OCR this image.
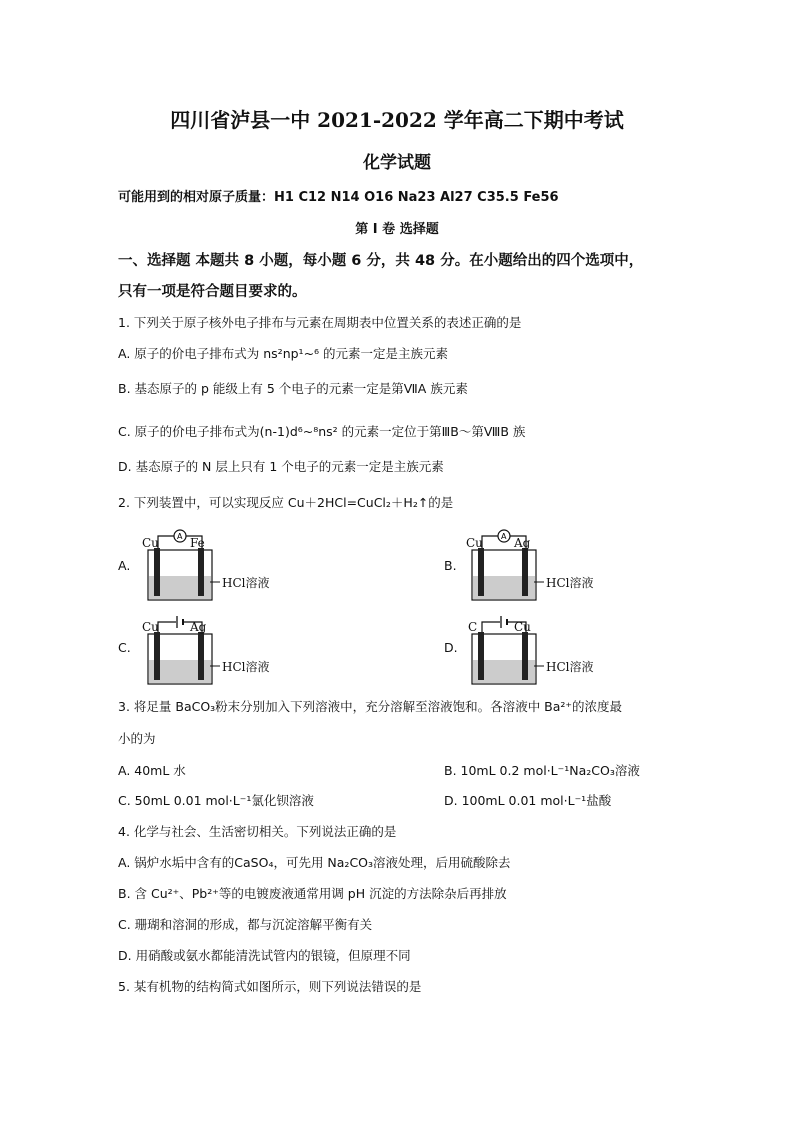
四川省泸县一中 2021-2022 学年高二下期中考试
化学试题
可能用到的相对原子质量：H1 C12 N14 O16 Na23 Al27 C35.5 Fe56
第 I 卷 选择题
一、选择题 本题共 8 小题，每小题 6 分，共 48 分。在小题给出的四个选项中，
只有一项是符合题目要求的。
1. 下列关于原子核外电子排布与元素在周期表中位置关系的表述正确的是
A. 原子的价电子排布式为 ns²np¹~⁶ 的元素一定是主族元素
B. 基态原子的 p 能级上有 5 个电子的元素一定是第ⅦA 族元素
C. 原子的价电子排布式为(n-1)d⁶~⁸ns² 的元素一定位于第ⅢB～第ⅧB 族
D. 基态原子的 N 层上只有 1 个电子的元素一定是主族元素
2. 下列装置中，可以实现反应 Cu＋2HCl=CuCl₂＋H₂↑的是
A.
A
Cu	Fe
HCl溶液
B.
A
Cu	Ag
HCl溶液
C.
Cu	Ag
HCl溶液
D.
C	Cu
HCl溶液
3. 将足量 BaCO₃粉末分别加入下列溶液中，充分溶解至溶液饱和。各溶液中 Ba²⁺的浓度最
小的为
A. 40mL 水	B. 10mL 0.2 mol·L⁻¹Na₂CO₃溶液
C. 50mL 0.01 mol·L⁻¹氯化钡溶液	D. 100mL 0.01 mol·L⁻¹盐酸
4. 化学与社会、生活密切相关。下列说法正确的是
A. 锅炉水垢中含有的CaSO₄，可先用 Na₂CO₃溶液处理，后用硫酸除去
B. 含 Cu²⁺、Pb²⁺等的电镀废液通常用调 pH 沉淀的方法除杂后再排放
C. 珊瑚和溶洞的形成，都与沉淀溶解平衡有关
D. 用硝酸或氨水都能清洗试管内的银镜，但原理不同
5. 某有机物的结构简式如图所示，则下列说法错误的是
